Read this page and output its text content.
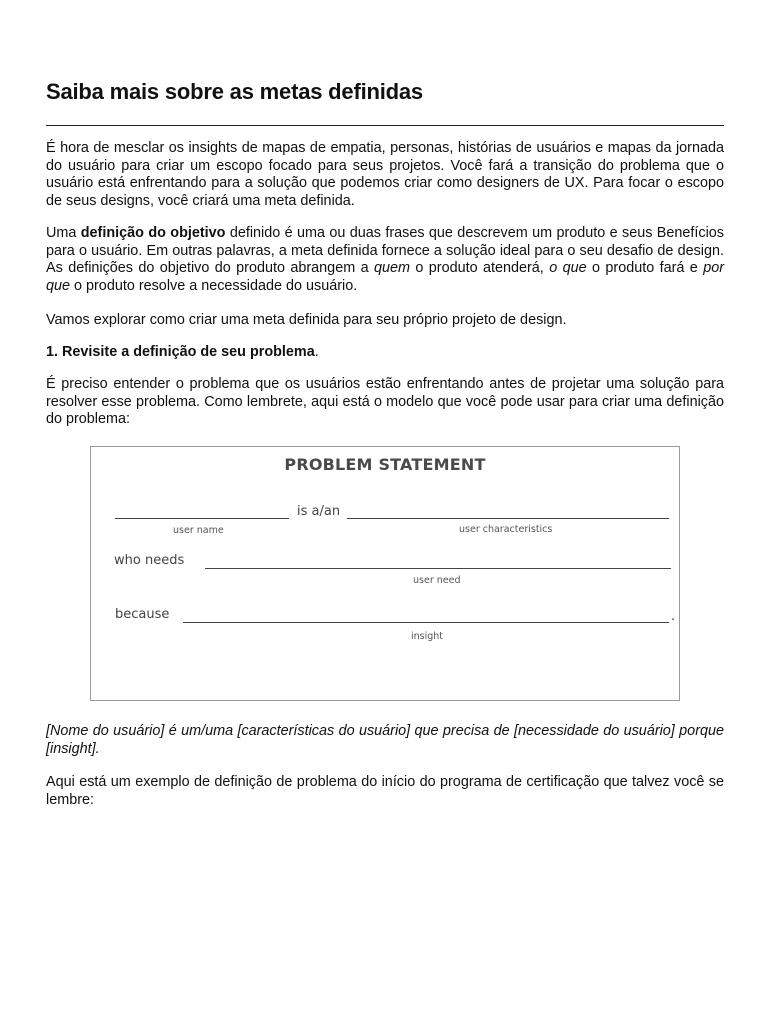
Saiba mais sobre as metas definidas

É hora de mesclar os insights de mapas de empatia, personas, histórias de usuários e mapas da jornada do usuário para criar um escopo focado para seus projetos. Você fará a transição do problema que o usuário está enfrentando para a solução que podemos criar como designers de UX. Para focar o escopo de seus designs, você criará uma meta definida.

Uma definição do objetivo definido é uma ou duas frases que descrevem um produto e seus Benefícios para o usuário. Em outras palavras, a meta definida fornece a solução ideal para o seu desafio de design. As definições do objetivo do produto abrangem a quem o produto atenderá, o que o produto fará e por que o produto resolve a necessidade do usuário.

Vamos explorar como criar uma meta definida para seu próprio projeto de design.

1. Revisite a definição de seu problema.

É preciso entender o problema que os usuários estão enfrentando antes de projetar uma solução para resolver esse problema. Como lembrete, aqui está o modelo que você pode usar para criar uma definição do problema:

[Nome do usuário] é um/uma [características do usuário] que precisa de [necessidade do usuário] porque [insight].

Aqui está um exemplo de definição de problema do início do programa de certificação que talvez você se lembre:

PROBLEM STATEMENT
is a/an
user name	user characteristics
who needs
user need
because	.
insight
